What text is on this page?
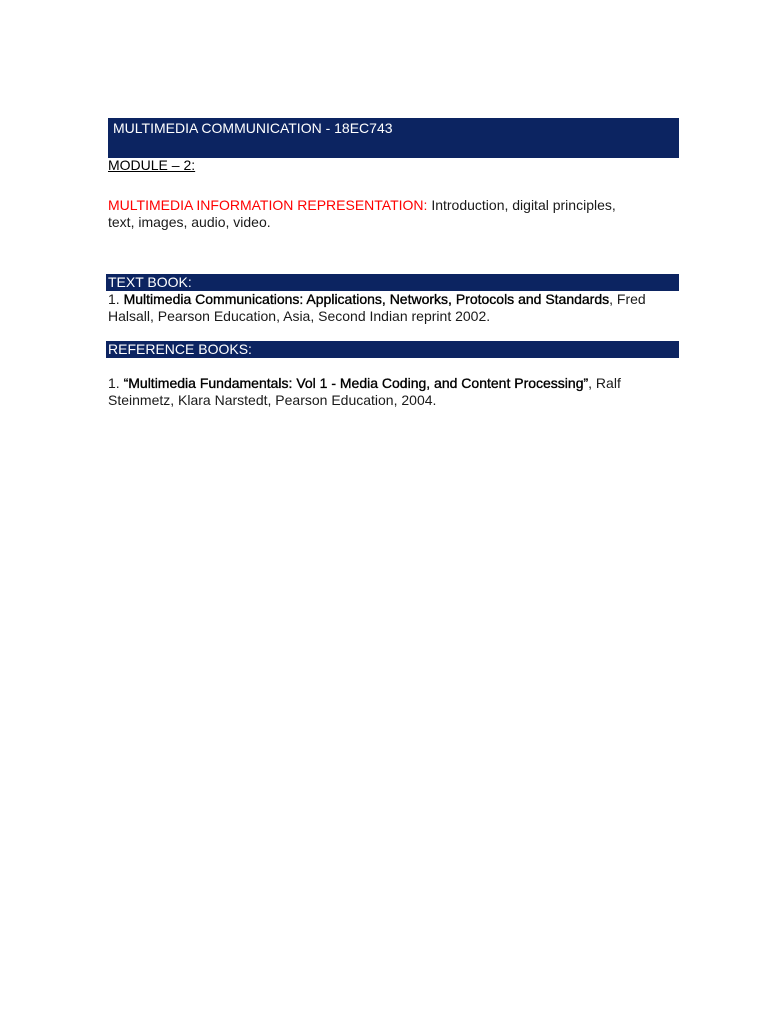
MULTIMEDIA COMMUNICATION - 18EC743
MODULE – 2:
MULTIMEDIA INFORMATION REPRESENTATION: Introduction, digital principles,
text, images, audio, video.
TEXT BOOK:
1. Multimedia Communications: Applications, Networks, Protocols and Standards, Fred Halsall, Pearson Education, Asia, Second Indian reprint 2002.
REFERENCE BOOKS:
1. “Multimedia Fundamentals: Vol 1 - Media Coding, and Content Processing”, Ralf Steinmetz, Klara Narstedt, Pearson Education, 2004.
